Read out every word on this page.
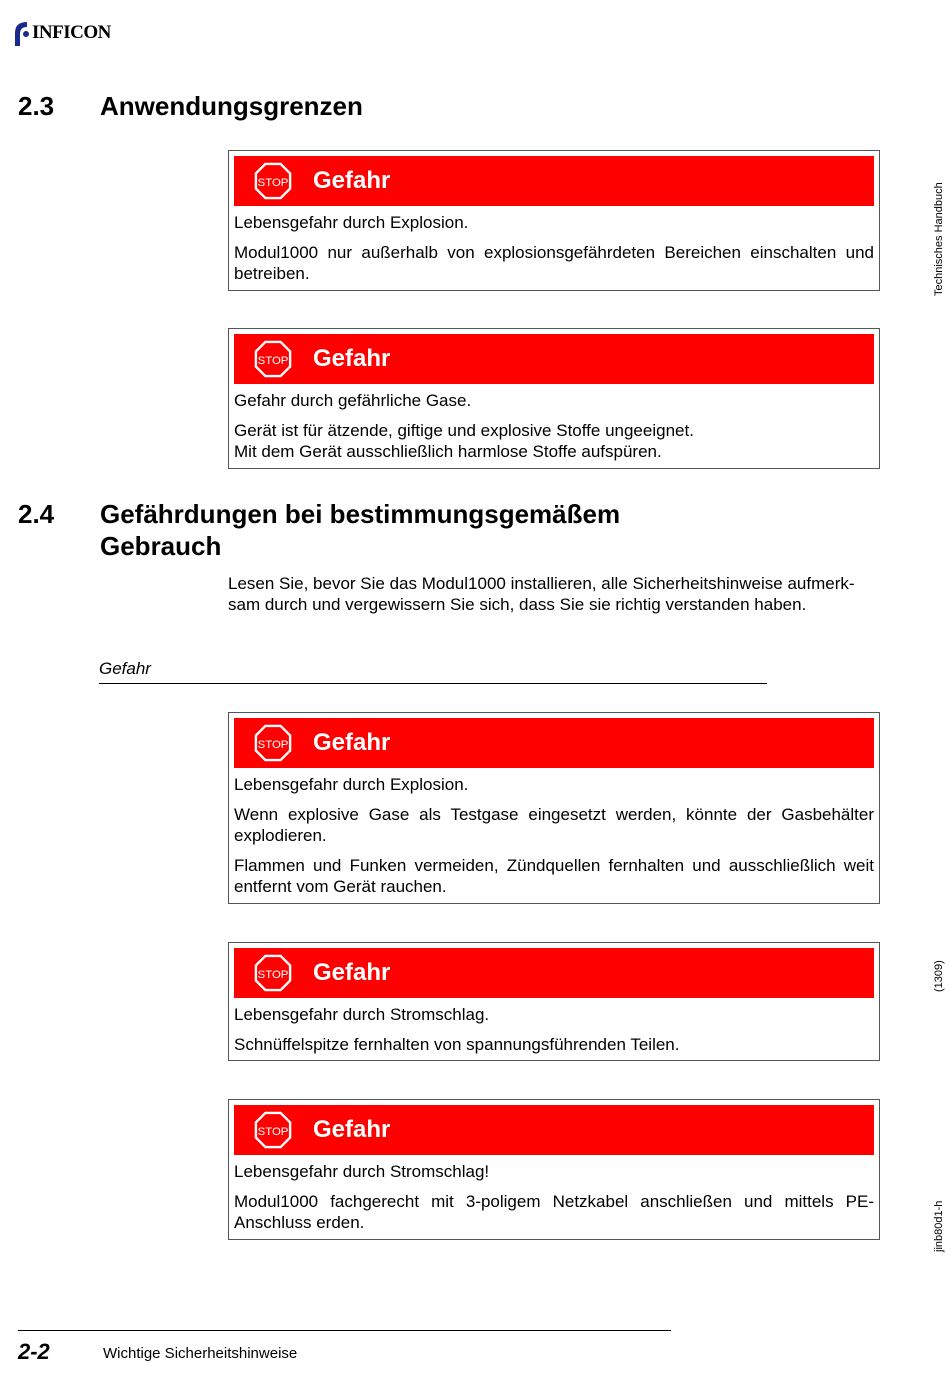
INFICON
2.3 Anwendungsgrenzen
STOP Gefahr

Lebensgefahr durch Explosion.

Modul1000 nur außerhalb von explosionsgefährdeten Bereichen einschalten und betreiben.

STOP Gefahr

Gefahr durch gefährliche Gase.

Gerät ist für ätzende, giftige und explosive Stoffe ungeeignet.

Mit dem Gerät ausschließlich harmlose Stoffe aufspüren.

2.4 Gefährdungen bei bestimmungsgemäßem
Gebrauch
Lesen Sie, bevor Sie das Modul1000 installieren, alle Sicherheitshinweise aufmerk-
sam durch und vergewissern Sie sich, dass Sie sie richtig verstanden haben.
Gefahr
STOP Gefahr

Lebensgefahr durch Explosion.

Wenn explosive Gase als Testgase eingesetzt werden, könnte der Gasbehälter explodieren.

Flammen und Funken vermeiden, Zündquellen fernhalten und ausschließlich weit entfernt vom Gerät rauchen.

STOP Gefahr

Lebensgefahr durch Stromschlag.

Schnüffelspitze fernhalten von spannungsführenden Teilen.

STOP Gefahr

Lebensgefahr durch Stromschlag!

Modul1000 fachgerecht mit 3-poligem Netzkabel anschließen und mittels PE-Anschluss erden.

Technisches Handbuch
(1309)
jinb80d1-h
2-2	Wichtige Sicherheitshinweise
